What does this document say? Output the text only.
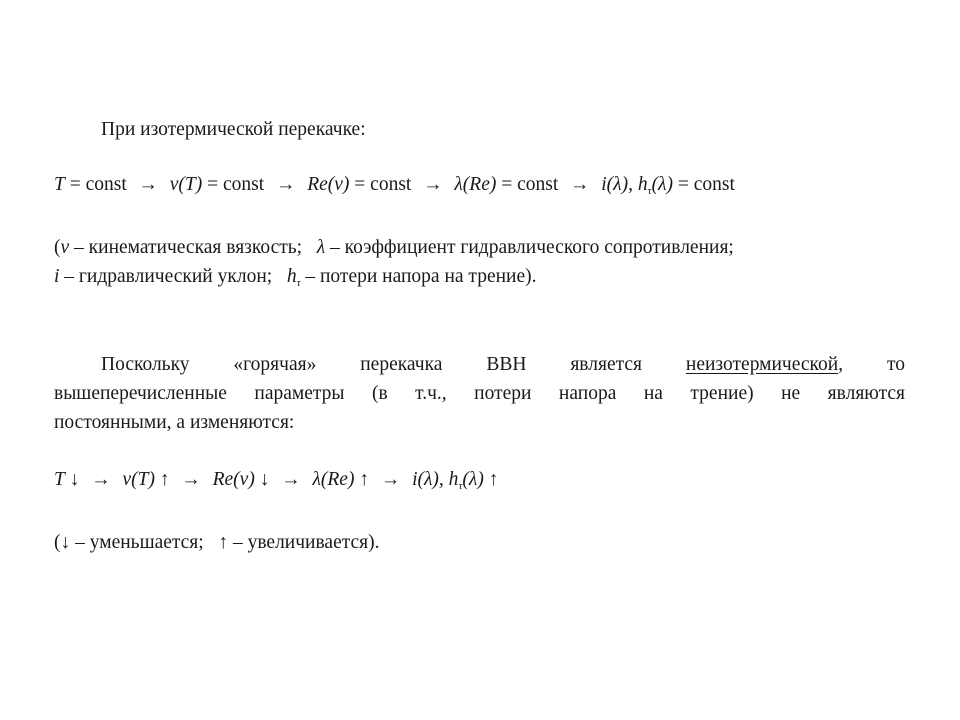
При изотермической перекачке:
T = const → v(T) = const → Re(v) = const → λ(Re) = const → i(λ), $h_\tau(\lambda)$ = const
(v – кинематическая вязкость; λ – коэффициент гидравлического сопротивления;
i – гидравлический уклон; $h_\tau$ – потери напора на трение).
Поскольку «горячая» перекачка ВВН является неизотермической, то
вышеперечисленные параметры (в т.ч., потери напора на трение) не являются
постоянными, а изменяются:
T ↓ → v(T) ↑ → Re(v) ↓ → λ(Re) ↑ → i(λ), $h_\tau(\lambda)$ ↑
(↓ – уменьшается; ↑ – увеличивается).
